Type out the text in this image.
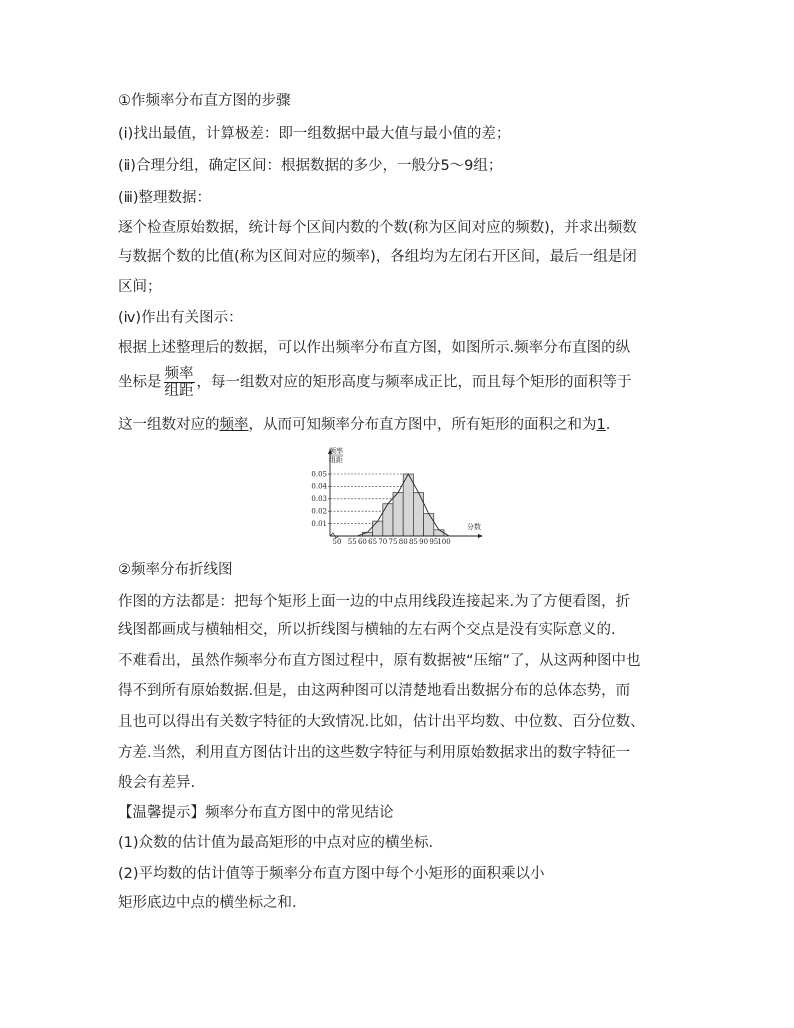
①作频率分布直方图的步骤
(ⅰ)找出最值，计算极差：即一组数据中最大值与最小值的差；
(ⅱ)合理分组，确定区间：根据数据的多少，一般分5～9组；
(ⅲ)整理数据：
逐个检查原始数据，统计每个区间内数的个数(称为区间对应的频数)，并求出频数
与数据个数的比值(称为区间对应的频率)，各组均为左闭右开区间，最后一组是闭
区间；
(ⅳ)作出有关图示：
根据上述整理后的数据，可以作出频率分布直方图，如图所示.频率分布直图的纵
坐标是 $\frac{\text{频率}}{\text{组距}}$ ，每一组数对应的矩形高度与频率成正比，而且每个矩形的面积等于
这一组数对应的频率，从而可知频率分布直方图中，所有矩形的面积之和为1.
0.01
0.02
0.03
0.04
0.05
50 55 60 65 70 75 80 85 90 95 100
频率
组距
分数
②频率分布折线图
作图的方法都是：把每个矩形上面一边的中点用线段连接起来.为了方便看图，折
线图都画成与横轴相交，所以折线图与横轴的左右两个交点是没有实际意义的.
不难看出，虽然作频率分布直方图过程中，原有数据被“压缩”了，从这两种图中也
得不到所有原始数据.但是，由这两种图可以清楚地看出数据分布的总体态势，而
且也可以得出有关数字特征的大致情况.比如，估计出平均数、中位数、百分位数、
方差.当然，利用直方图估计出的这些数字特征与利用原始数据求出的数字特征一
般会有差异.
【温馨提示】频率分布直方图中的常见结论
(1)众数的估计值为最高矩形的中点对应的横坐标.
(2)平均数的估计值等于频率分布直方图中每个小矩形的面积乘以小
矩形底边中点的横坐标之和.
